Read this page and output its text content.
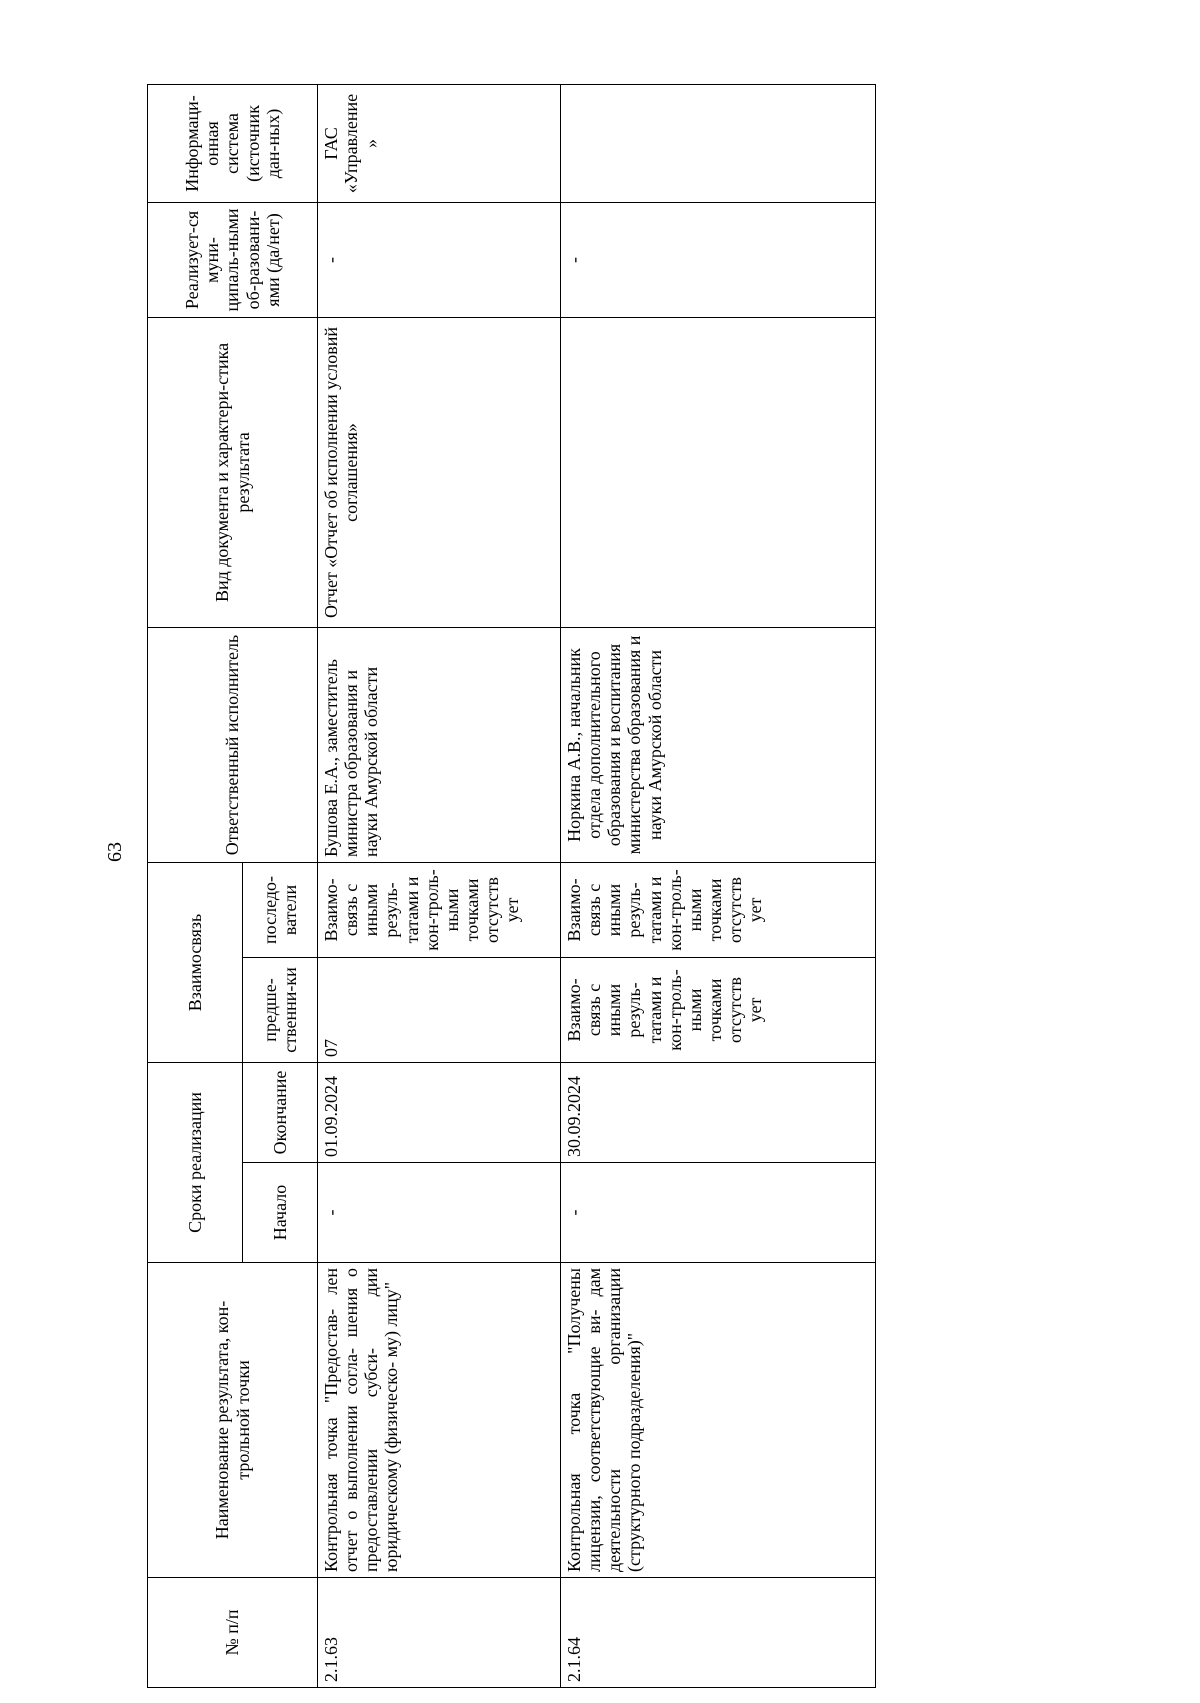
63
№ п/п	Наименование результата, кон-трольной точки	Сроки реализации		Взаимосвязь		Ответственный исполнитель	Вид документа и характери-стика результата	Реализует-ся муни-ципаль-ными об-разовани-ями (да/нет)	Информаци-онная система (источник дан-ных)
		Начало	Окончание	предше-ственни-ки	последо-ватели				
2.1.63	Контрольная точка "Предостав- лен отчет о выполнении согла- шения о предоставлении субси- дии юридическому (физическо- му) лицу"	-	01.09.2024	07	Взаимо-связь с иными резуль-татами и кон-троль-ными точками отсутств ует	Бушова Е.А., заместитель министра образования и науки Амурской области	Отчет «Отчет об исполнении условий соглашения»	-	ГАС «Управление »
2.1.64	Контрольная точка "Получены лицензии, соответствующие ви- дам деятельности организации (структурного подразделения)"	-	30.09.2024	Взаимо-связь с иными резуль-татами и кон-троль-ными точками отсутств ует	Взаимо-связь с иными резуль-татами и кон-троль-ными точками отсутств ует	Норкина А.В., начальник отдела дополнительного образования и воспитания министерства образования и науки Амурской области		-	
